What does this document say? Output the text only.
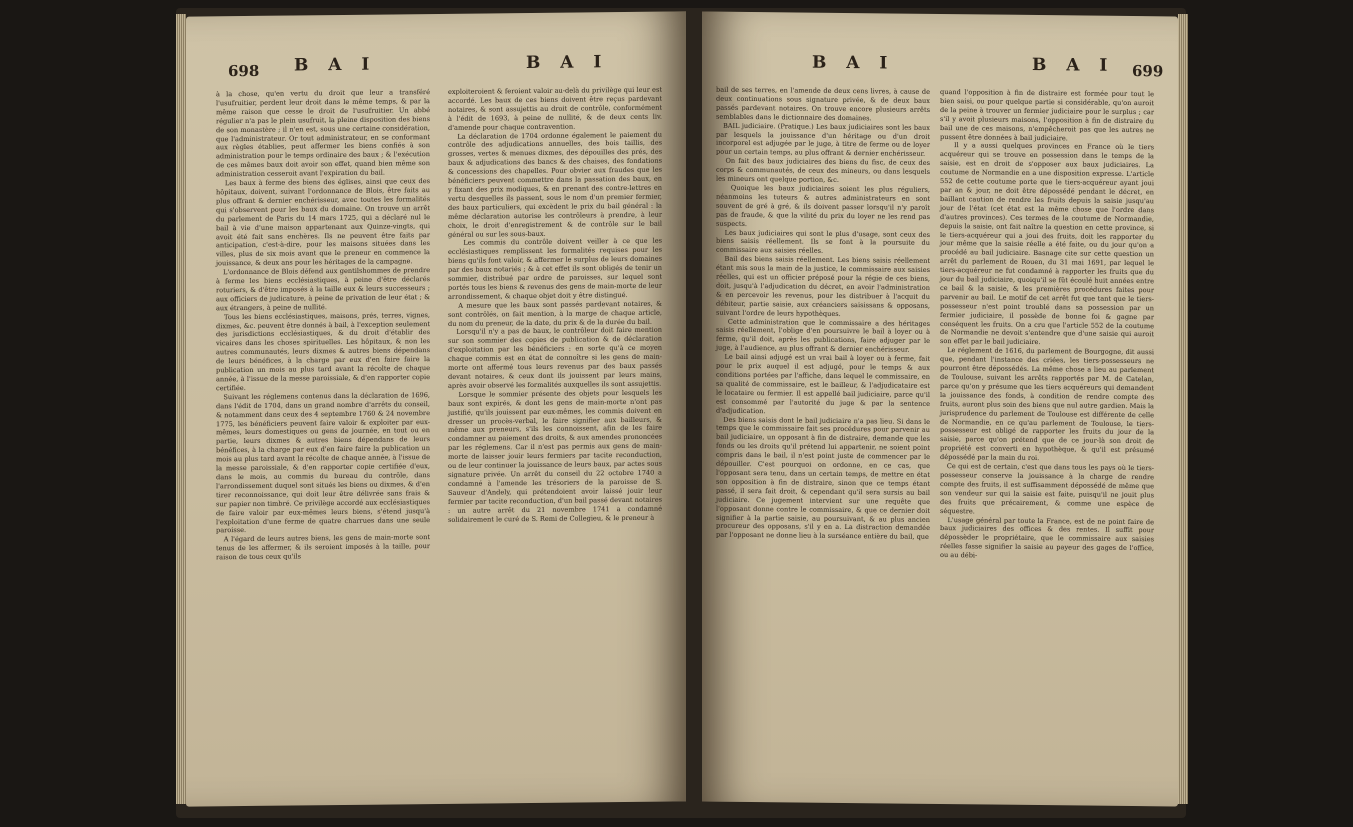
698 B A I	B A I
à la chose, qu'en vertu du droit que leur a transféré l'usufruitier, perdent leur droit dans le même temps, & par la même raison que cesse le droit de l'usufruitier. Un abbé régulier n'a pas le plein usufruit, la pleine disposition des biens de son monastère ; il n'en est, sous une certaine considération, que l'administrateur. Or tout administrateur, en se conformant aux règles établies, peut affermer les biens confiés à son administration pour le temps ordinaire des baux ; & l'exécution de ces mêmes baux doit avoir son effet, quand bien même son administration cesseroit avant l'expiration du bail.
Les baux à ferme des biens des églises, ainsi que ceux des hôpitaux, doivent, suivant l'ordonnance de Blois, être faits au plus offrant & dernier enchérisseur, avec toutes les formalités qui s'observent pour les baux du domaine. On trouve un arrêt du parlement de Paris du 14 mars 1725, qui a déclaré nul le bail à vie d'une maison appartenant aux Quinze-vingts, qui avoit été fait sans enchères. Ils ne peuvent être faits par anticipation, c'est-à-dire, pour les maisons situées dans les villes, plus de six mois avant que le preneur en commence la jouissance, & deux ans pour les héritages de la campagne.
L'ordonnance de Blois défend aux gentilshommes de prendre à ferme les biens ecclésiastiques, à peine d'être déclarés roturiers, & d'être imposés à la taille eux & leurs successeurs ; aux officiers de judicature, à peine de privation de leur état ; & aux étrangers, à peine de nullité.
Tous les biens ecclésiastiques, maisons, prés, terres, vignes, dixmes, &c. peuvent être donnés à bail, à l'exception seulement des jurisdictions ecclésiastiques, & du droit d'établir des vicaires dans les choses spirituelles. Les hôpitaux, & non les autres communautés, leurs dixmes & autres biens dépendans de leurs bénéfices, à la charge par eux d'en faire faire la publication un mois au plus tard avant la récolte de chaque année, à l'issue de la messe paroissiale, & d'en rapporter copie certifiée.
Suivant les réglemens contenus dans la déclaration de 1696, dans l'édit de 1704, dans un grand nombre d'arrêts du conseil, & notamment dans ceux des 4 septembre 1760 & 24 novembre 1775, les bénéficiers peuvent faire valoir & exploiter par eux-mêmes, leurs domestiques ou gens de journée, en tout ou en partie, leurs dixmes & autres biens dépendans de leurs bénéfices, à la charge par eux d'en faire faire la publication un mois au plus tard avant la récolte de chaque année, à l'issue de la messe paroissiale, & d'en rapporter copie certifiée d'eux, dans le mois, au commis du bureau du contrôle, dans l'arrondissement duquel sont situés les biens ou dixmes, & d'en tirer reconnoissance, qui doit leur être délivrée sans frais & sur papier non timbré. Ce privilège accordé aux ecclésiastiques de faire valoir par eux-mêmes leurs biens, s'étend jusqu'à l'exploitation d'une ferme de quatre charrues dans une seule paroisse.
A l'égard de leurs autres biens, les gens de main-morte sont tenus de les affermer, & ils seroient imposés à la taille, pour raison de tous ceux qu'ils
exploiteroient & feroient valoir au-delà du privilège qui leur est accordé. Les baux de ces biens doivent être reçus pardevant notaires, & sont assujettis au droit de contrôle, conformément à l'édit de 1693, à peine de nullité, & de deux cents liv. d'amende pour chaque contravention.
La déclaration de 1704 ordonne également le paiement du contrôle des adjudications annuelles, des bois taillis, des grosses, vertes & menues dixmes, des dépouilles des prés, des baux & adjudications des bancs & des chaises, des fondations & concessions des chapelles. Pour obvier aux fraudes que les bénéficiers peuvent commettre dans la passation des baux, en y fixant des prix modiques, & en prenant des contre-lettres en vertu desquelles ils passent, sous le nom d'un premier fermier, des baux particuliers, qui excèdent le prix du bail général : la même déclaration autorise les contrôleurs à prendre, à leur choix, le droit d'enregistrement & de contrôle sur le bail général ou sur les sous-baux.
Les commis du contrôle doivent veiller à ce que les ecclésiastiques remplissent les formalités requises pour les biens qu'ils font valoir, & affermer le surplus de leurs domaines par des baux notariés ; & à cet effet ils sont obligés de tenir un sommier, distribué par ordre de paroisses, sur lequel sont portés tous les biens & revenus des gens de main-morte de leur arrondissement, & chaque objet doit y être distingué.
A mesure que les baux sont passés pardevant notaires, & sont contrôlés, on fait mention, à la marge de chaque article, du nom du preneur, de la date, du prix & de la durée du bail.
Lorsqu'il n'y a pas de baux, le contrôleur doit faire mention sur son sommier des copies de publication & de déclaration d'exploitation par les bénéficiers : en sorte qu'à ce moyen chaque commis est en état de connoître si les gens de main-morte ont affermé tous leurs revenus par des baux passés devant notaires, & ceux dont ils jouissent par leurs mains, après avoir observé les formalités auxquelles ils sont assujettis.
Lorsque le sommier présente des objets pour lesquels les baux sont expirés, & dont les gens de main-morte n'ont pas justifié, qu'ils jouissent par eux-mêmes, les commis doivent en dresser un procès-verbal, le faire signifier aux bailleurs, & même aux preneurs, s'ils les connoissent, afin de les faire condamner au paiement des droits, & aux amendes prononcées par les réglemens. Car il n'est pas permis aux gens de main-morte de laisser jouir leurs fermiers par tacite reconduction, ou de leur continuer la jouissance de leurs baux, par actes sous signature privée. Un arrêt du conseil du 22 octobre 1740 a condamné à l'amende les trésoriers de la paroisse de S. Sauveur d'Andely, qui prétendoient avoir laissé jouir leur fermier par tacite reconduction, d'un bail passé devant notaires : un autre arrêt du 21 novembre 1741 a condamné solidairement le curé de S. Remi de Collegieu, & le preneur à
B A I	B A I 699
bail de ses terres, en l'amende de deux cens livres, à cause de deux continuations sous signature privée, & de deux baux passés pardevant notaires. On trouve encore plusieurs arrêts semblables dans le dictionnaire des domaines.
BAIL judiciaire. (Pratique.) Les baux judiciaires sont les baux par lesquels la jouissance d'un héritage ou d'un droit incorporel est adjugée par le juge, à titre de ferme ou de loyer pour un certain temps, au plus offrant & dernier enchérisseur.
On fait des baux judiciaires des biens du fisc, de ceux des corps & communautés, de ceux des mineurs, ou dans lesquels les mineurs ont quelque portion, &c.
Quoique les baux judiciaires soient les plus réguliers, néanmoins les tuteurs & autres administrateurs en sont souvent de gré à gré, & ils doivent passer lorsqu'il n'y paroît pas de fraude, & que la vilité du prix du loyer ne les rend pas suspects.
Les baux judiciaires qui sont le plus d'usage, sont ceux des biens saisis réellement. Ils se font à la poursuite du commissaire aux saisies réelles.
Bail des biens saisis réellement. Les biens saisis réellement étant mis sous la main de la justice, le commissaire aux saisies réelles, qui est un officier préposé pour la régie de ces biens, doit, jusqu'à l'adjudication du décret, en avoir l'administration & en percevoir les revenus, pour les distribuer à l'acquit du débiteur, partie saisie, aux créanciers saisissans & opposans, suivant l'ordre de leurs hypothèques.
Cette administration que le commissaire a des héritages saisis réellement, l'oblige d'en poursuivre le bail à loyer ou à ferme, qu'il doit, après les publications, faire adjuger par le juge, à l'audience, au plus offrant & dernier enchérisseur.
Le bail ainsi adjugé est un vrai bail à loyer ou à ferme, fait pour le prix auquel il est adjugé, pour le temps & aux conditions portées par l'affiche, dans lequel le commissaire, en sa qualité de commissaire, est le bailleur, & l'adjudicataire est le locataire ou fermier. Il est appellé bail judiciaire, parce qu'il est consommé par l'autorité du juge & par la sentence d'adjudication.
Des biens saisis dont le bail judiciaire n'a pas lieu. Si dans le temps que le commissaire fait ses procédures pour parvenir au bail judiciaire, un opposant à fin de distraire, demande que les fonds ou les droits qu'il prétend lui appartenir, ne soient point compris dans le bail, il n'est point juste de commencer par le dépouiller. C'est pourquoi on ordonne, en ce cas, que l'opposant sera tenu, dans un certain temps, de mettre en état son opposition à fin de distraire, sinon que ce temps étant passé, il sera fait droit, & cependant qu'il sera sursis au bail judiciaire. Ce jugement intervient sur une requête que l'opposant donne contre le commissaire, & que ce dernier doit signifier à la partie saisie, au poursuivant, & au plus ancien procureur des opposans, s'il y en a. La distraction demandée par l'opposant ne donne lieu à la surséance entière du bail, que
quand l'opposition à fin de distraire est formée pour tout le bien saisi, ou pour quelque partie si considérable, qu'on auroit de la peine à trouver un fermier judiciaire pour le surplus ; car s'il y avoit plusieurs maisons, l'opposition à fin de distraire du bail une de ces maisons, n'empêcheroit pas que les autres ne pussent être données à bail judiciaire.
Il y a aussi quelques provinces en France où le tiers acquéreur qui se trouve en possession dans le temps de la saisie, est en droit de s'opposer aux baux judiciaires. La coutume de Normandie en a une disposition expresse. L'article 552 de cette coutume porte que le tiers-acquéreur ayant joui par an & jour, ne doit être dépossédé pendant le décret, en baillant caution de rendre les fruits depuis la saisie jusqu'au jour de l'état (cet état est la même chose que l'ordre dans d'autres provinces). Ces termes de la coutume de Normandie, depuis la saisie, ont fait naître la question en cette province, si le tiers-acquéreur qui a joui des fruits, doit les rapporter du jour même que la saisie réelle a été faite, ou du jour qu'on a procédé au bail judiciaire. Basnage cite sur cette question un arrêt du parlement de Rouen, du 31 mai 1691, par lequel le tiers-acquéreur ne fut condamné à rapporter les fruits que du jour du bail judiciaire, quoiqu'il se fût écoulé huit années entre ce bail & la saisie, & les premières procédures faites pour parvenir au bail. Le motif de cet arrêt fut que tant que le tiers-possesseur n'est point troublé dans sa possession par un fermier judiciaire, il possède de bonne foi & gagne par conséquent les fruits. On a cru que l'article 552 de la coutume de Normandie ne devoit s'entendre que d'une saisie qui auroit son effet par le bail judiciaire.
Le réglement de 1616, du parlement de Bourgogne, dit aussi que, pendant l'instance des criées, les tiers-possesseurs ne pourront être dépossédés. La même chose a lieu au parlement de Toulouse, suivant les arrêts rapportés par M. de Catelan, parce qu'on y présume que les tiers acquéreurs qui demandent la jouissance des fonds, à condition de rendre compte des fruits, auront plus soin des biens que nul autre gardien. Mais la jurisprudence du parlement de Toulouse est différente de celle de Normandie, en ce qu'au parlement de Toulouse, le tiers-possesseur est obligé de rapporter les fruits du jour de la saisie, parce qu'on prétend que de ce jour-là son droit de propriété est converti en hypothèque, & qu'il est présumé dépossédé par la main du roi.
Ce qui est de certain, c'est que dans tous les pays où le tiers-possesseur conserve la jouissance à la charge de rendre compte des fruits, il est suffisamment dépossédé de même que son vendeur sur qui la saisie est faite, puisqu'il ne jouit plus des fruits que précairement, & comme une espèce de séquestre.
L'usage général par toute la France, est de ne point faire de baux judiciaires des offices & des rentes. Il suffit pour dépossèder le propriétaire, que le commissaire aux saisies réelles fasse signifier la saisie au payeur des gages de l'office, ou au débi-
